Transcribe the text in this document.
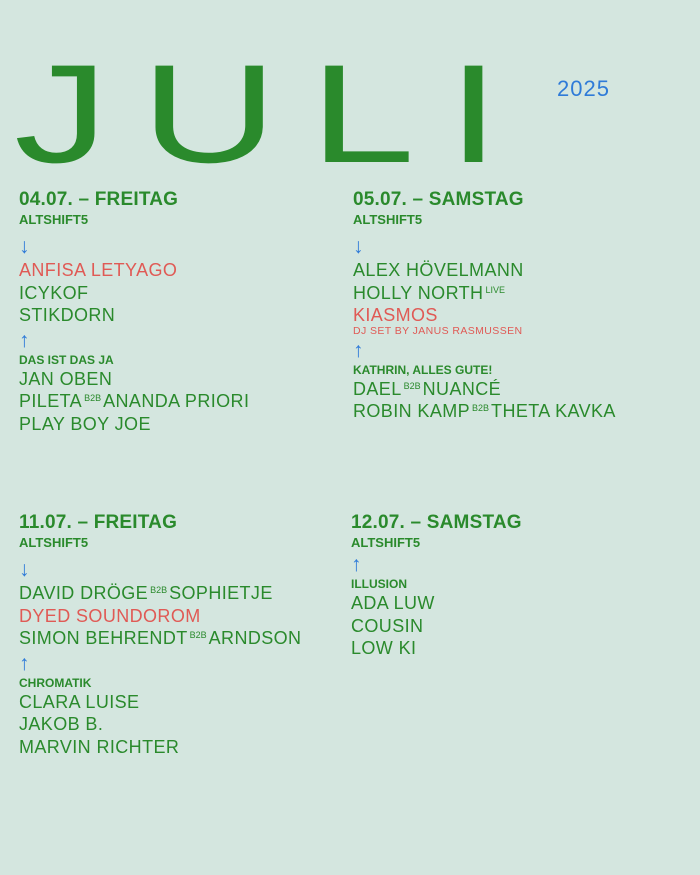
JULI 2025
04.07. – FREITAG
ALTSHIFT5
↓
ANFISA LETYAGO
ICYKOF
STIKDORN
↑
DAS IST DAS JA
JAN OBEN
PILETA $^{B2B}$ ANANDA PRIORI
PLAY BOY JOE
05.07. – SAMSTAG
ALTSHIFT5
↓
ALEX HÖVELMANN
HOLLY NORTH $^{LIVE}$
KIASMOS
DJ SET BY JANUS RASMUSSEN
↑
KATHRIN, ALLES GUTE!
DAEL $^{B2B}$ NUANCÉ
ROBIN KAMP $^{B2B}$ THETA KAVKA
11.07. – FREITAG
ALTSHIFT5
↓
DAVID DRÖGE $^{B2B}$ SOPHIETJE
DYED SOUNDOROM
SIMON BEHRENDT $^{B2B}$ ARNDSON
↑
CHROMATIK
CLARA LUISE
JAKOB B.
MARVIN RICHTER
12.07. – SAMSTAG
ALTSHIFT5
↑
ILLUSION
ADA LUW
COUSIN
LOW KI
